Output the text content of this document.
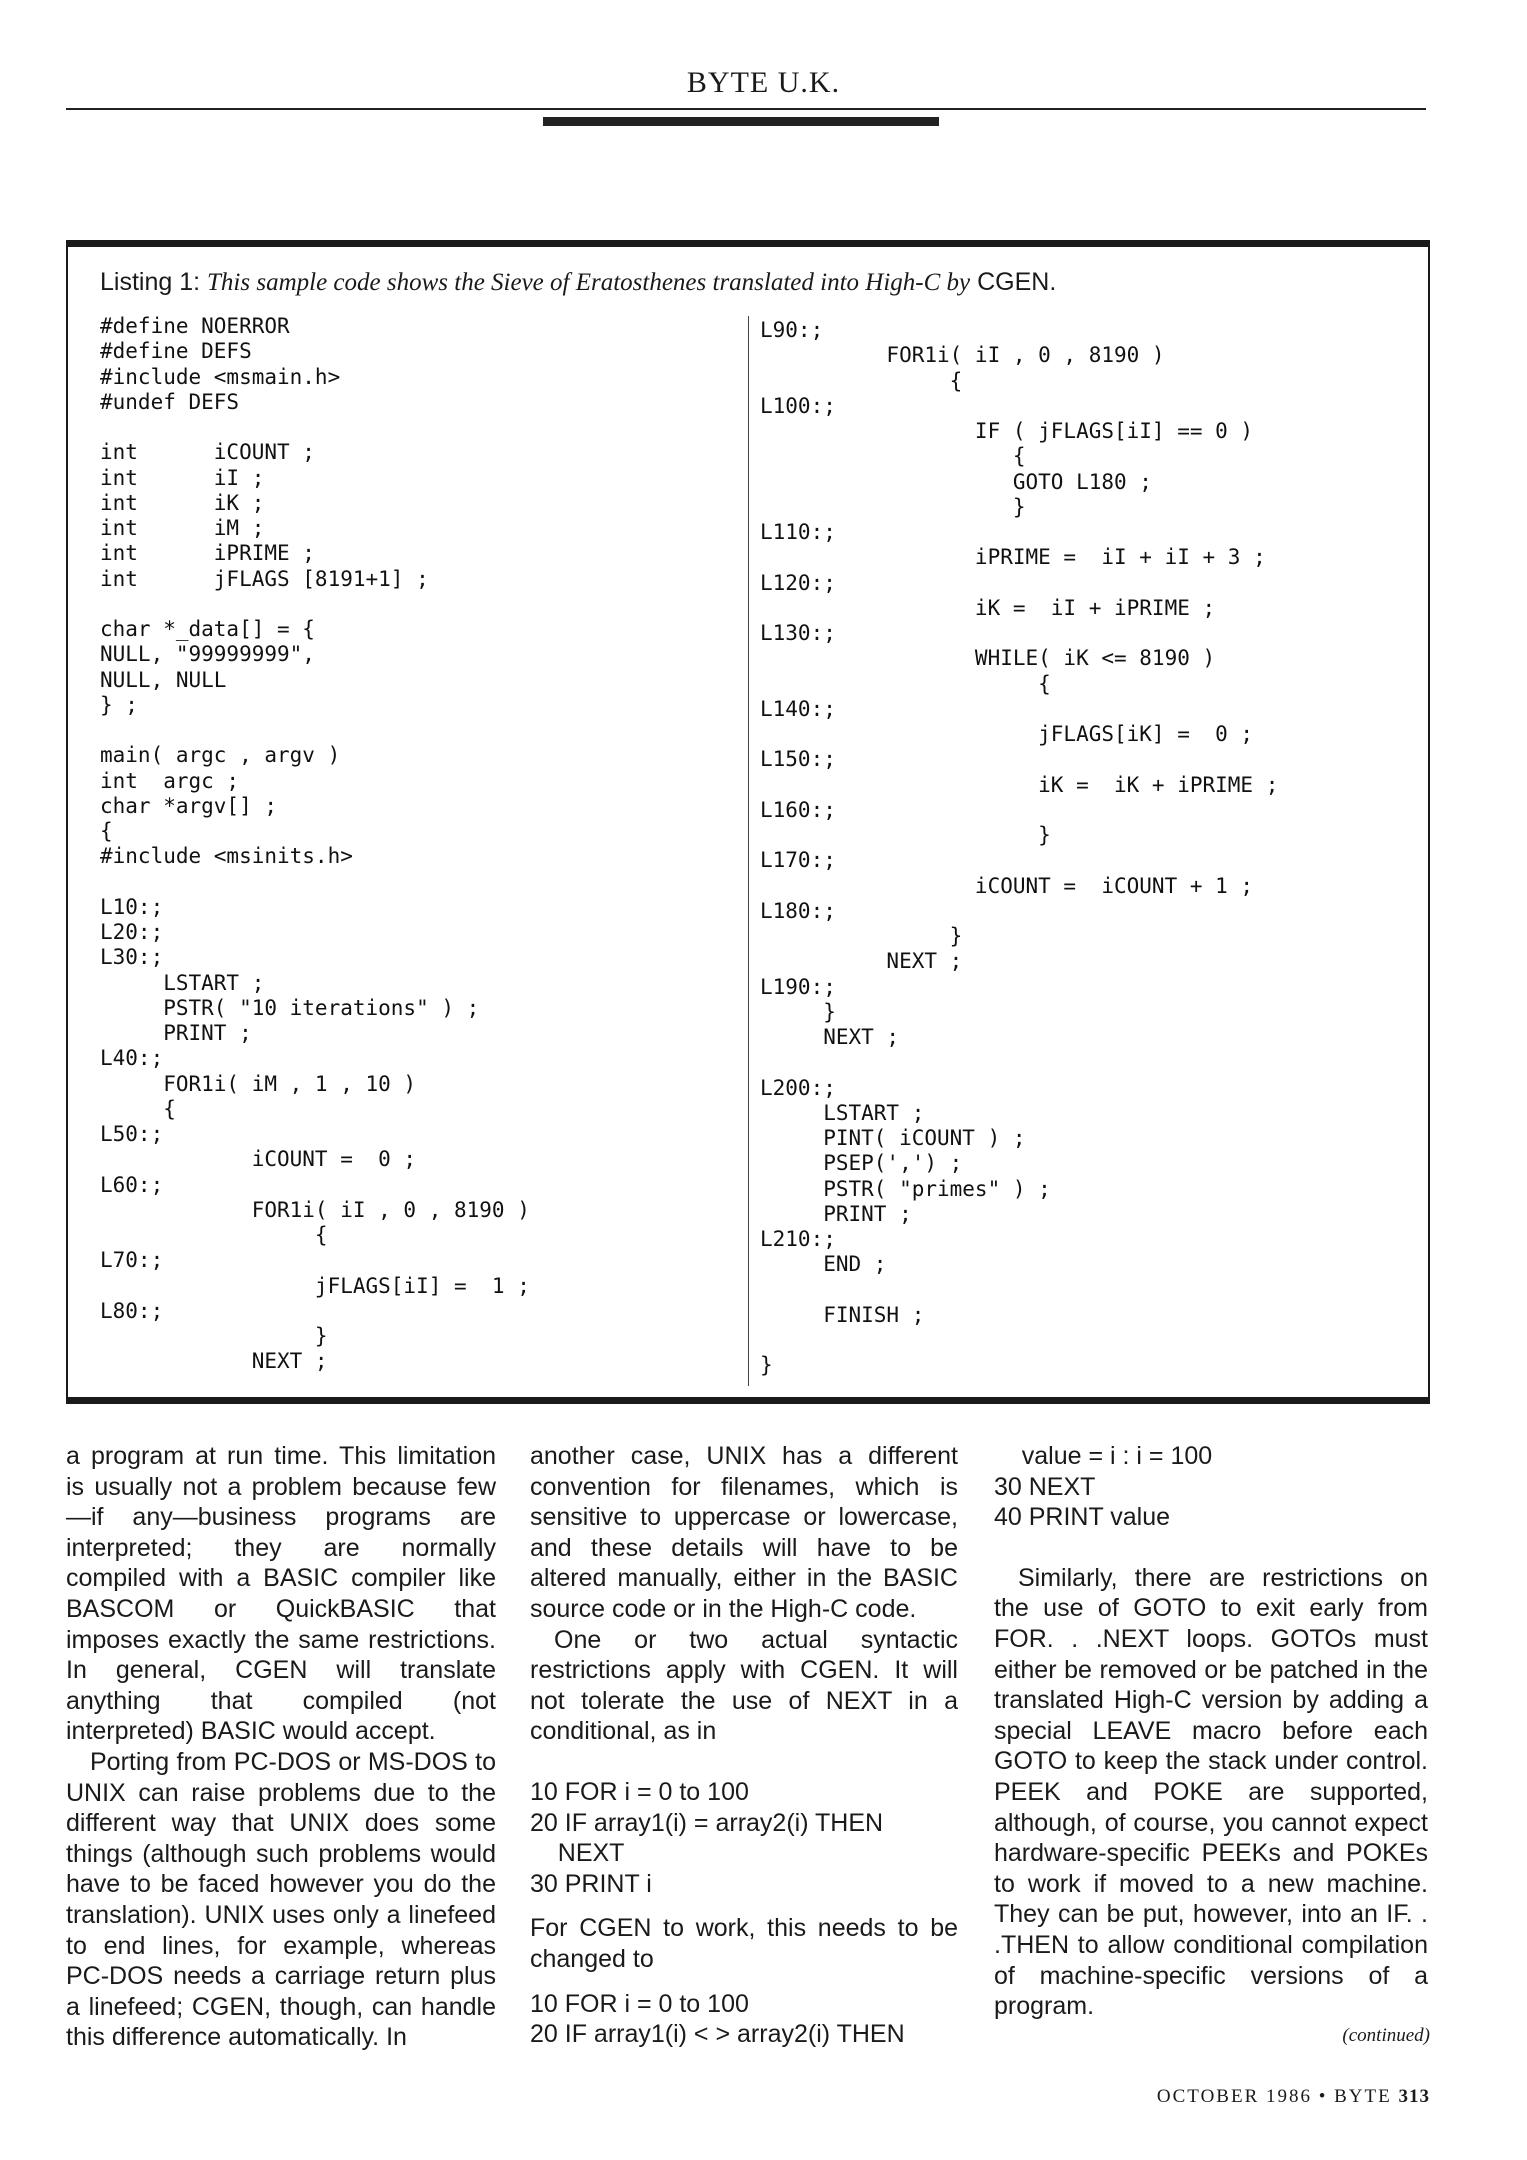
BYTE U.K.
Listing 1: This sample code shows the Sieve of Eratosthenes translated into High-C by CGEN.
#define NOERROR
#define DEFS
#include <msmain.h>
#undef DEFS

int      iCOUNT ;
int      iI ;
int      iK ;
int      iM ;
int      iPRIME ;
int      jFLAGS [8191+1] ;

char *_data[] = {
NULL, "99999999",
NULL, NULL
} ;

main( argc , argv )
int  argc ;
char *argv[] ;
{
#include <msinits.h>

L10:;
L20:;
L30:;
LSTART ;
PSTR( "10 iterations" ) ;
PRINT ;
L40:;
FOR1i( iM , 1 , 10 )
{
L50:;
iCOUNT =  0 ;
L60:;
FOR1i( iI , 0 , 8190 )
{
L70:;
jFLAGS[iI] =  1 ;
L80:;
}
NEXT ;
L90:;
FOR1i( iI , 0 , 8190 )
{
L100:;
IF ( jFLAGS[iI] == 0 )
{
GOTO L180 ;
}
L110:;
iPRIME =  iI + iI + 3 ;
L120:;
iK =  iI + iPRIME ;
L130:;
WHILE( iK <= 8190 )
{
L140:;
jFLAGS[iK] =  0 ;
L150:;
iK =  iK + iPRIME ;
L160:;
}
L170:;
iCOUNT =  iCOUNT + 1 ;
L180:;
}
NEXT ;
L190:;
}
NEXT ;

L200:;
LSTART ;
PINT( iCOUNT ) ;
PSEP(',') ;
PSTR( "primes" ) ;
PRINT ;
L210:;
END ;

FINISH ;

}

a program at run time. This limitation is usually not a problem because few—if any—business programs are interpreted; they are normally compiled with a BASIC compiler like BASCOM or QuickBASIC that imposes exactly the same restrictions. In general, CGEN will translate anything that compiled (not interpreted) BASIC would accept.

Porting from PC-DOS or MS-DOS to UNIX can raise problems due to the different way that UNIX does some things (although such problems would have to be faced however you do the translation). UNIX uses only a linefeed to end lines, for example, whereas PC-DOS needs a carriage return plus a linefeed; CGEN, though, can handle this difference automatically. In

another case, UNIX has a different convention for filenames, which is sensitive to uppercase or lowercase, and these details will have to be altered manually, either in the BASIC source code or in the High-C code.

One or two actual syntactic restrictions apply with CGEN. It will not tolerate the use of NEXT in a conditional, as in

10 FOR i = 0 to 100
20 IF array1(i) = array2(i) THEN
NEXT
30 PRINT i

For CGEN to work, this needs to be changed to

10 FOR i = 0 to 100
20 IF array1(i) < > array2(i) THEN
value = i : i = 100
30 NEXT
40 PRINT value

Similarly, there are restrictions on the use of GOTO to exit early from FOR. . .NEXT loops. GOTOs must either be removed or be patched in the translated High-C version by adding a special LEAVE macro before each GOTO to keep the stack under control. PEEK and POKE are supported, although, of course, you cannot expect hardware-specific PEEKs and POKEs to work if moved to a new machine. They can be put, however, into an IF. . .THEN to allow conditional compilation of machine-specific versions of a program.

(continued)
OCTOBER 1986 • BYTE 313
